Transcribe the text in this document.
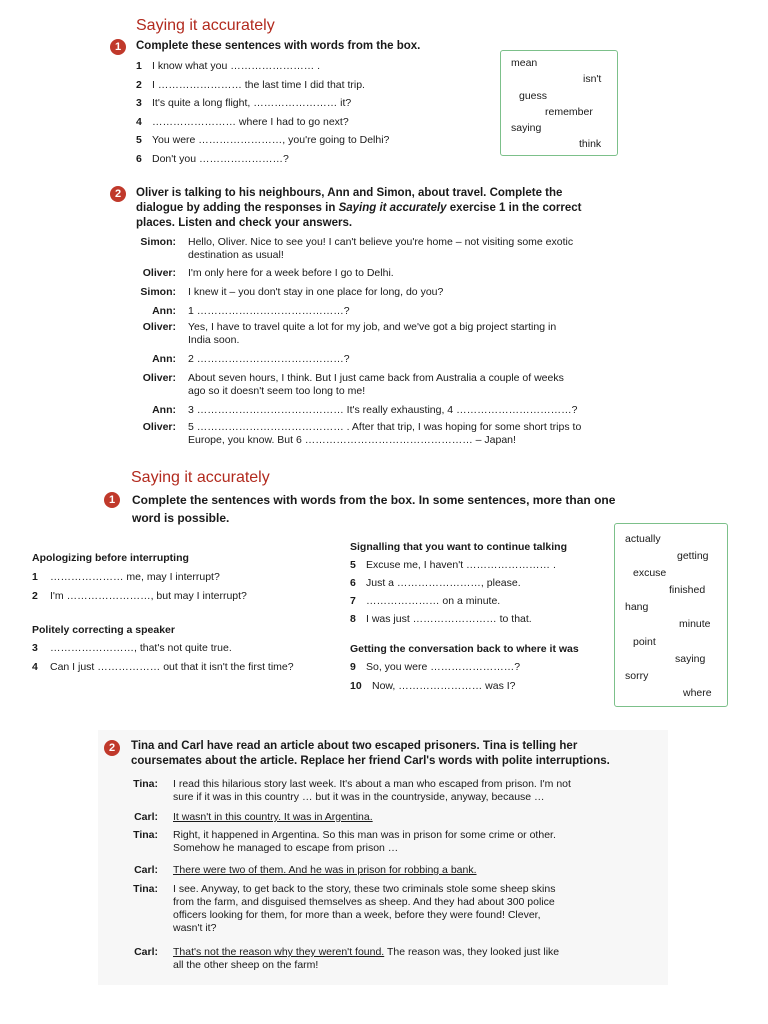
Saying it accurately
1	Complete these sentences with words from the box.
1 I know what you …………………… .
2 I …………………… the last time I did that trip.
3 It's quite a long flight, …………………… it?
4 …………………… where I had to go next?
5 You were ……………………, you're going to Delhi?
6 Don't you ……………………?
mean
isn't
guess
remember
saying
think
2	Oliver is talking to his neighbours, Ann and Simon, about travel. Complete the
dialogue by adding the responses in Saying it accurately exercise 1 in the correct
places. Listen and check your answers.
Simon: Hello, Oliver. Nice to see you! I can't believe you're home – not visiting some exotic
destination as usual!
Oliver: I'm only here for a week before I go to Delhi.
Simon: I knew it – you don't stay in one place for long, do you?
Ann: 1 ……………………………………?
Oliver: Yes, I have to travel quite a lot for my job, and we've got a big project starting in
India soon.
Ann: 2 ……………………………………?
Oliver: About seven hours, I think. But I just came back from Australia a couple of weeks
ago so it doesn't seem too long to me!
Ann: 3 …………………………………… It's really exhausting, 4 ……………………………?
Oliver: 5 …………………………………… . After that trip, I was hoping for some short trips to
Europe, you know. But 6 ………………………………………… – Japan!
Saying it accurately
1	Complete the sentences with words from the box. In some sentences, more than one
word is possible.
Apologizing before interrupting
1 ………………… me, may I interrupt?
2 I'm ……………………, but may I interrupt?
Politely correcting a speaker
3 ……………………, that's not quite true.
4 Can I just ……………… out that it isn't the first time?
Signalling that you want to continue talking
5 Excuse me, I haven't …………………… .
6 Just a ……………………, please.
7 ………………… on a minute.
8 I was just …………………… to that.
Getting the conversation back to where it was
9 So, you were ……………………?
10 Now, …………………… was I?
actually
getting
excuse
finished
hang
minute
point
saying
sorry
where
2	Tina and Carl have read an article about two escaped prisoners. Tina is telling her
coursemates about the article. Replace her friend Carl's words with polite interruptions.
Tina: I read this hilarious story last week. It's about a man who escaped from prison. I'm not
sure if it was in this country … but it was in the countryside, anyway, because …
Carl: It wasn't in this country. It was in Argentina.
Tina: Right, it happened in Argentina. So this man was in prison for some crime or other.
Somehow he managed to escape from prison …
Carl: There were two of them. And he was in prison for robbing a bank.
Tina: I see. Anyway, to get back to the story, these two criminals stole some sheep skins
from the farm, and disguised themselves as sheep. And they had about 300 police
officers looking for them, for more than a week, before they were found! Clever,
wasn't it?
Carl: That's not the reason why they weren't found. The reason was, they looked just like
all the other sheep on the farm!
